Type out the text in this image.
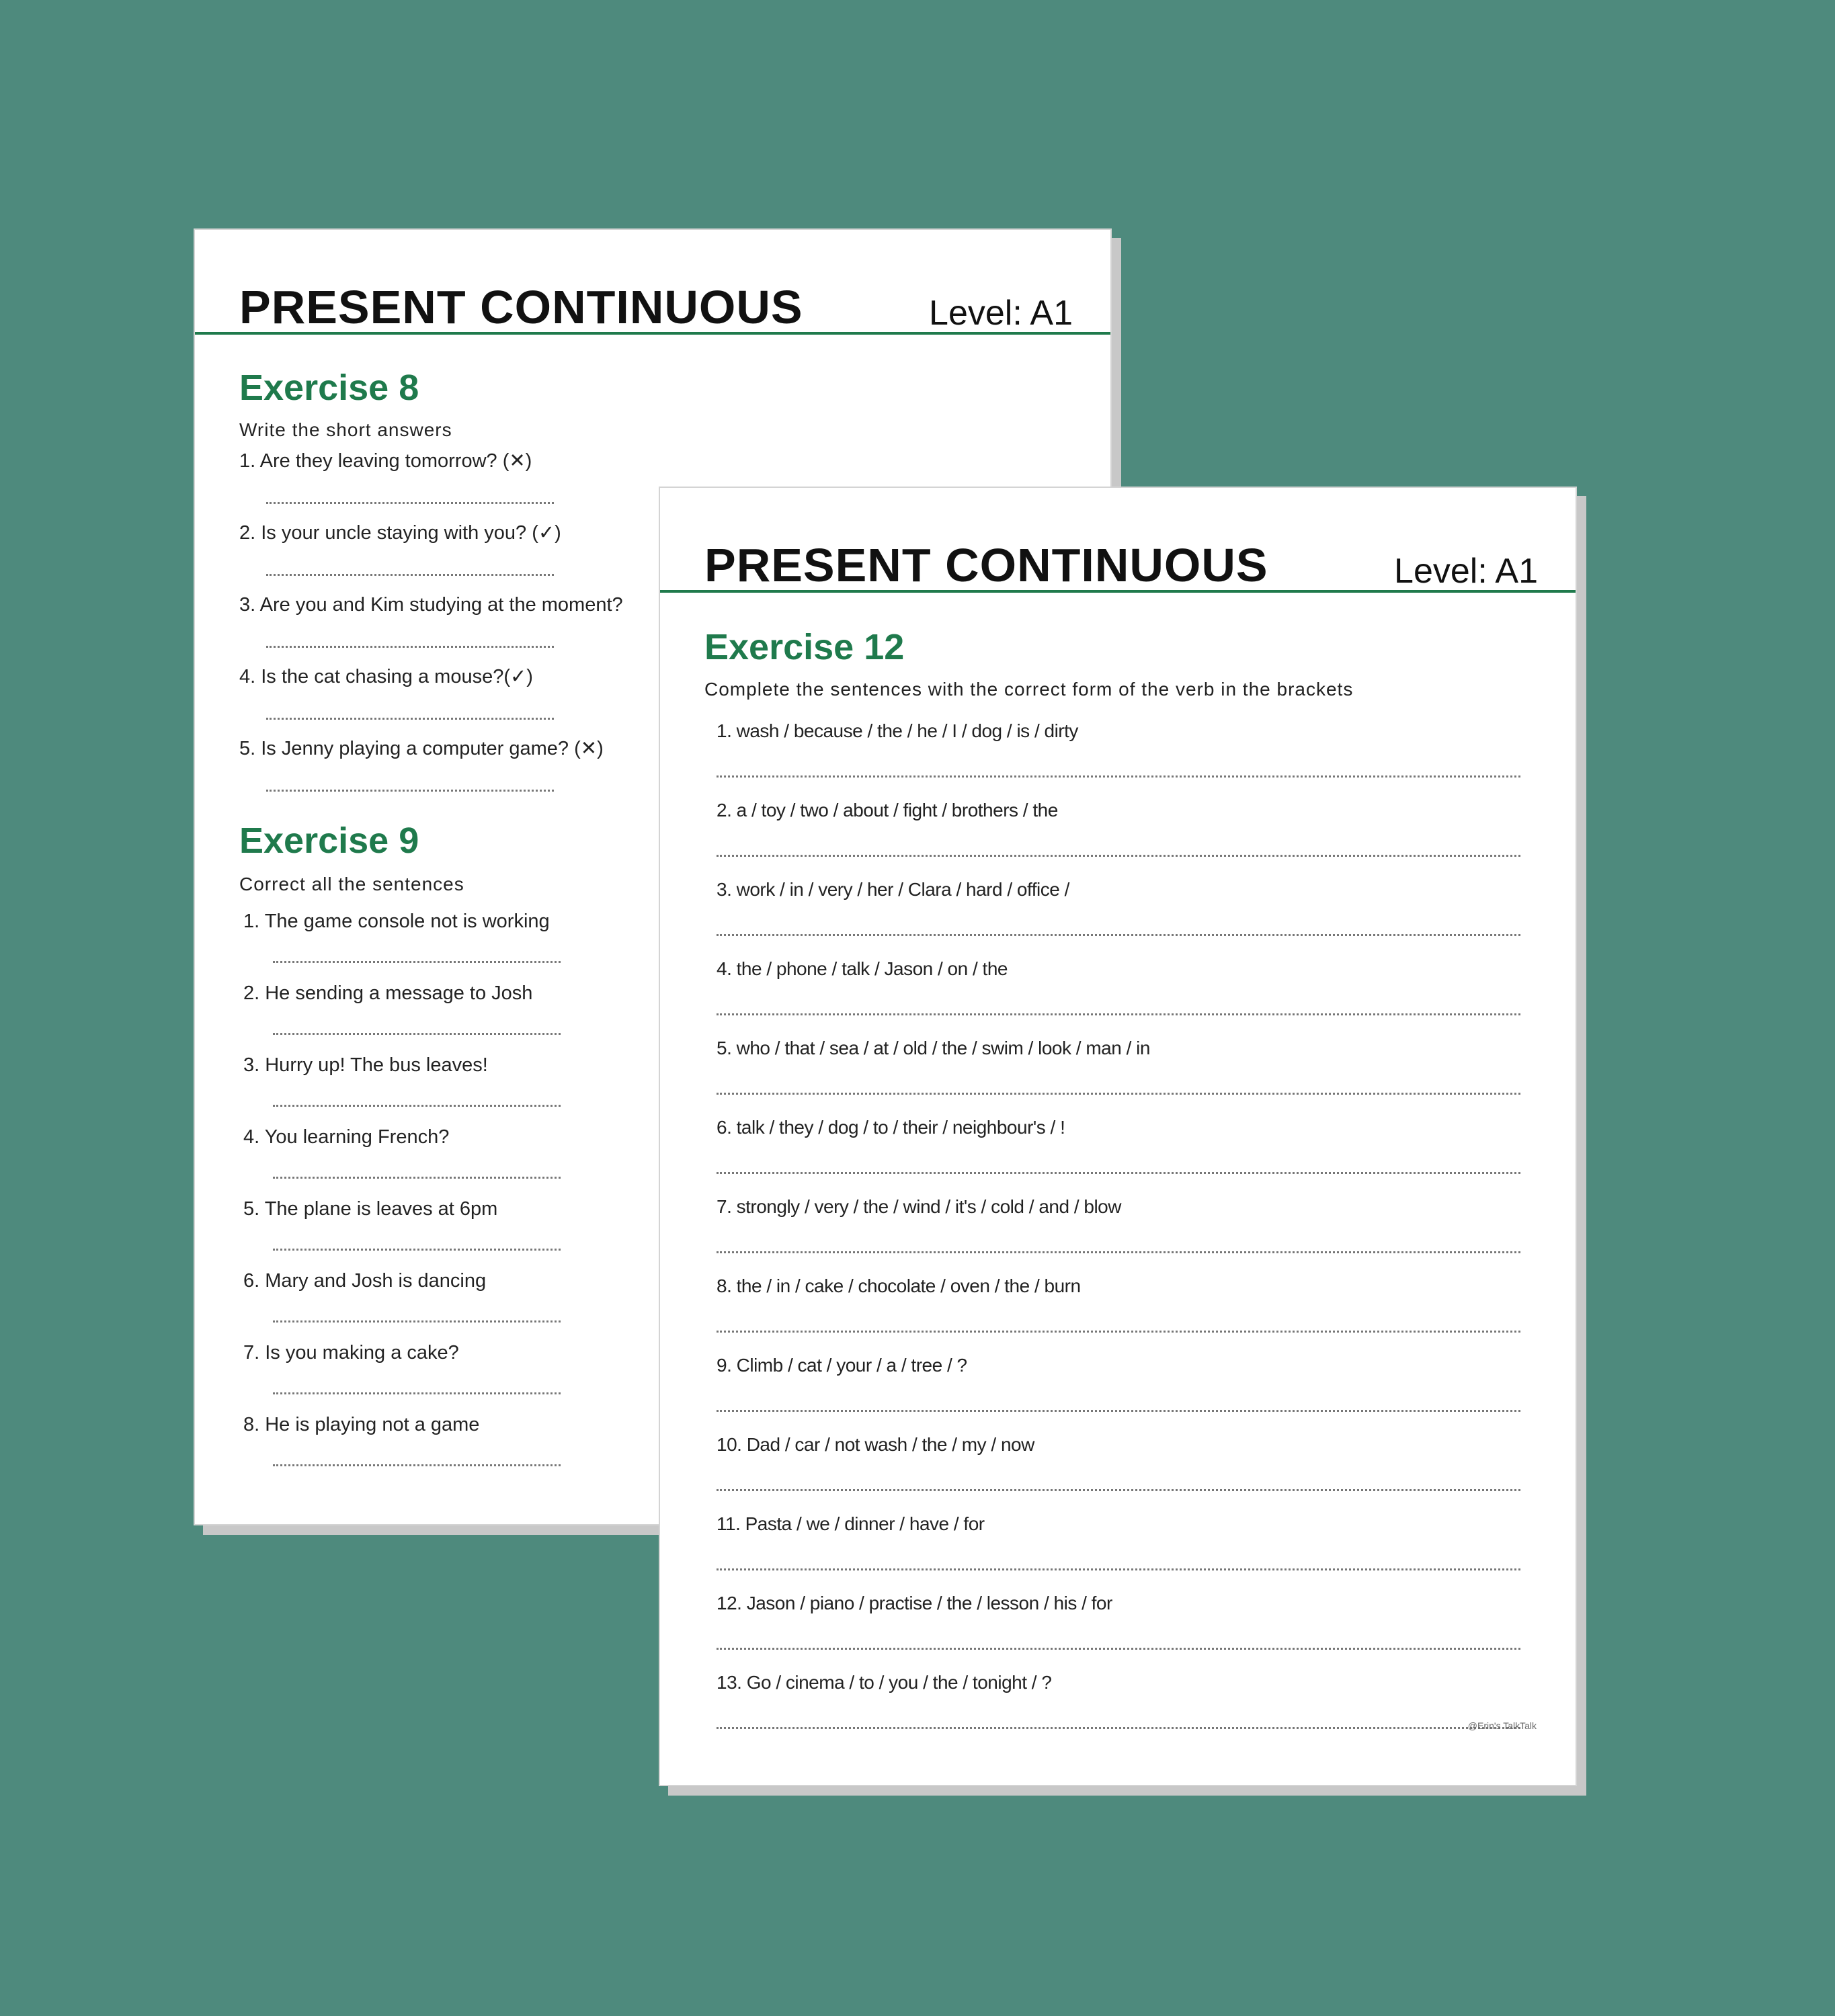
PRESENT CONTINUOUS	Level: A1
Exercise 8
Write the short answers
1. Are they leaving tomorrow? (✕)
2. Is your uncle staying with you? (✓)
3. Are you and Kim studying at the moment?
4. Is the cat chasing a mouse?(✓)
5. Is Jenny playing a computer game? (✕)
Exercise 9
Correct all the sentences
1. The game console not is working
2. He sending a message to Josh
3. Hurry up! The bus leaves!
4. You learning French?
5. The plane is leaves at 6pm
6. Mary and Josh is dancing
7. Is you making a cake?
8. He is playing not a game
PRESENT CONTINUOUS	Level: A1
Exercise 12
Complete the sentences with the correct form of the verb in the brackets
1. wash / because / the / he / I / dog / is / dirty
2. a / toy / two / about / fight / brothers / the
3. work / in / very / her / Clara / hard / office /
4. the / phone / talk / Jason / on / the
5. who / that / sea / at / old / the / swim / look / man / in
6. talk / they / dog / to / their / neighbour's / !
7. strongly / very / the / wind / it's / cold / and / blow
8. the / in / cake / chocolate / oven / the / burn
9. Climb / cat / your / a / tree / ?
10. Dad / car / not wash / the / my / now
11. Pasta / we / dinner / have / for
12. Jason / piano / practise / the / lesson / his / for
13. Go / cinema / to / you / the / tonight / ?
@Erin's TalkTalk
